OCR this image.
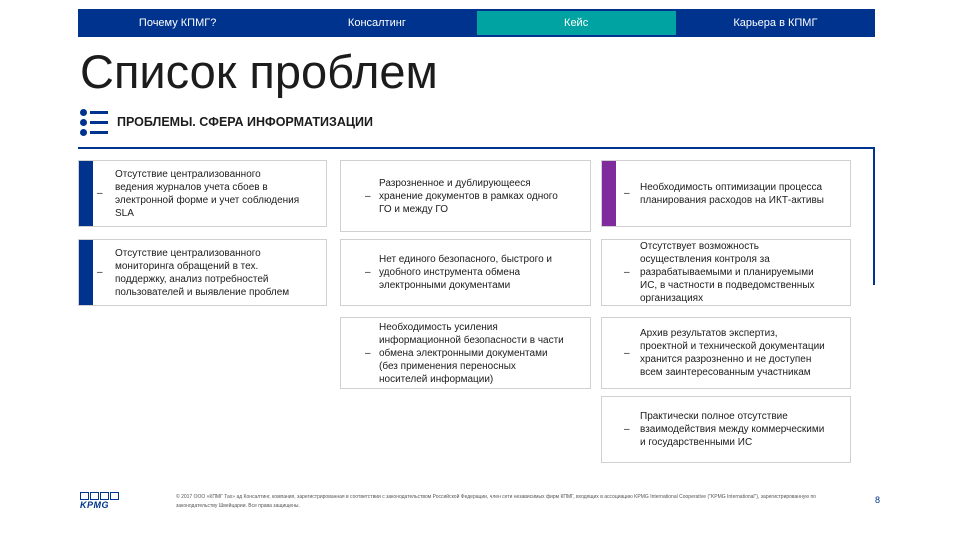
Почему КПМГ?	Консалтинг	Кейс	Карьера в КПМГ
Список проблем
ПРОБЛЕМЫ. СФЕРА ИНФОРМАТИЗАЦИИ
–
Отсутствие централизованного
ведения журналов учета сбоев в
электронной форме и учет соблюдения
SLA
–
Отсутствие централизованного
мониторинга обращений в тех.
поддержку, анализ потребностей
пользователей и выявление проблем
–
Разрозненное и дублирующееся
хранение документов в рамках одного
ГО и между ГО
–
Нет единого безопасного, быстрого и
удобного инструмента обмена
электронными документами
–
Необходимость усиления
информационной безопасности в части
обмена электронными документами
(без применения переносных
носителей информации)
–
Необходимость оптимизации процесса
планирования расходов на ИКТ-активы
–
Отсутствует возможность
осуществления контроля за
разрабатываемыми и планируемыми
ИС, в частности в подведомственных
организациях
–
Архив результатов экспертиз,
проектной и технической документации
хранится разрозненно и не доступен
всем заинтересованным участникам
–
Практически полное отсутствие
взаимодействия между коммерческими
и государственными ИС
KPMG
© 2017 ООО «КПМГ Тах» ад Консалтинг, компания, зарегистрированная в соответствии с законодательством Российской Федерации, член сети независимых фирм КПМГ, входящих в ассоциацию KPMG International Cooperative ("KPMG International"), зарегистрированную по законодательству Швейцарии. Все права защищены.
8
